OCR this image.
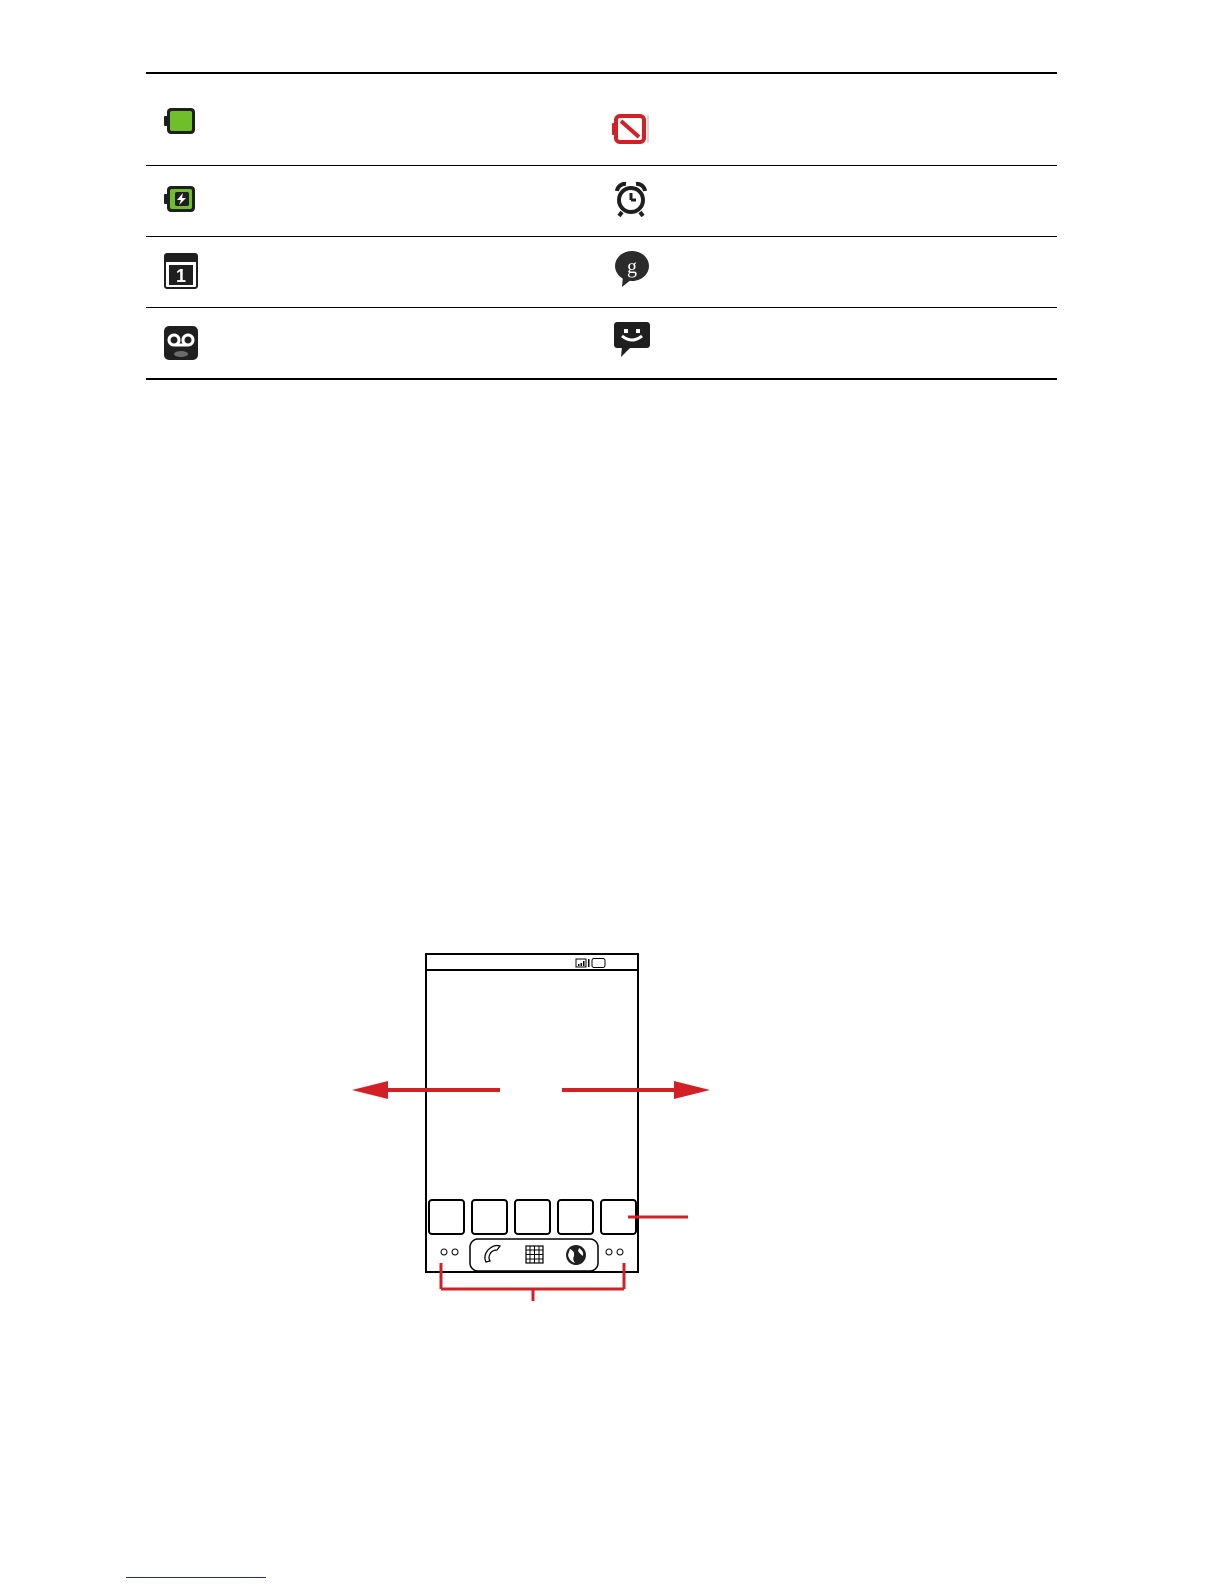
1	g
